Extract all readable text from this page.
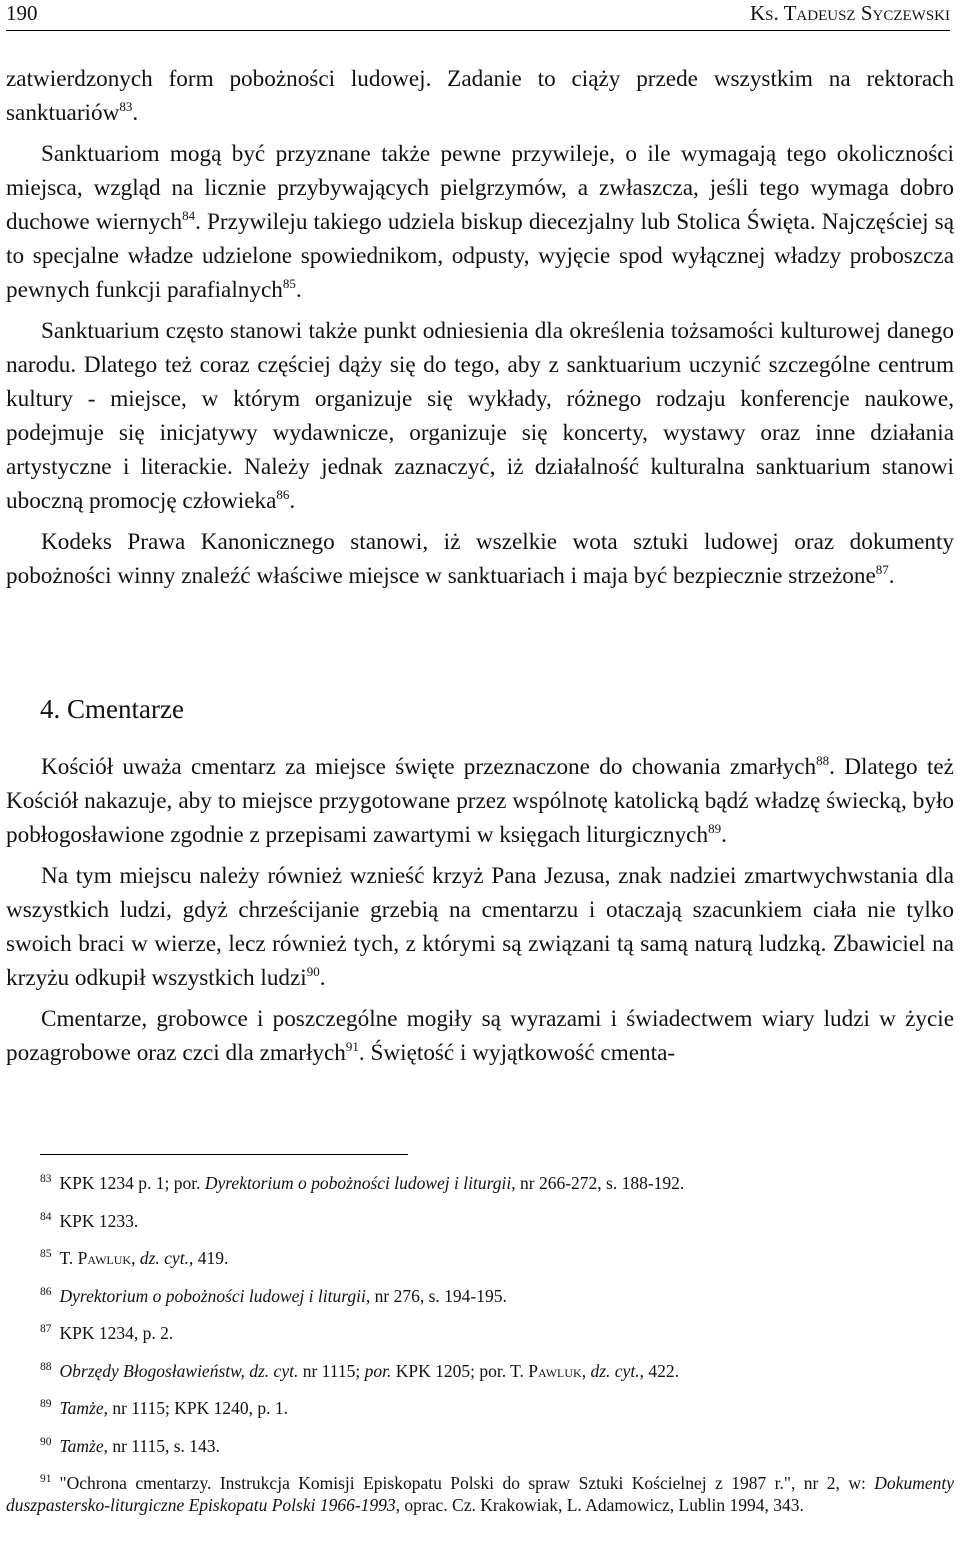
190	Ks. Tadeusz Syczewski

zatwierdzonych form pobożności ludowej. Zadanie to ciąży przede wszystkim na rektorach sanktuariów$^{83}$.

Sanktuariom mogą być przyznane także pewne przywileje, o ile wymagają tego okoliczności miejsca, wzgląd na licznie przybywających pielgrzymów, a zwłaszcza, jeśli tego wymaga dobro duchowe wiernych$^{84}$. Przywileju takiego udziela biskup diecezjalny lub Stolica Święta. Najczęściej są to specjalne władze udzielone spowiednikom, odpusty, wyjęcie spod wyłącznej władzy proboszcza pewnych funkcji parafialnych$^{85}$.

Sanktuarium często stanowi także punkt odniesienia dla określenia tożsamości kulturowej danego narodu. Dlatego też coraz częściej dąży się do tego, aby z sanktuarium uczynić szczególne centrum kultury - miejsce, w którym organizuje się wykłady, różnego rodzaju konferencje naukowe, podejmuje się inicjatywy wydawnicze, organizuje się koncerty, wystawy oraz inne działania artystyczne i literackie. Należy jednak zaznaczyć, iż działalność kulturalna sanktuarium stanowi uboczną promocję człowieka$^{86}$.

Kodeks Prawa Kanonicznego stanowi, iż wszelkie wota sztuki ludowej oraz dokumenty pobożności winny znaleźć właściwe miejsce w sanktuariach i maja być bezpiecznie strzeżone$^{87}$.

4. Cmentarze

Kościół uważa cmentarz za miejsce święte przeznaczone do chowania zmarłych$^{88}$. Dlatego też Kościół nakazuje, aby to miejsce przygotowane przez wspólnotę katolicką bądź władzę świecką, było pobłogosławione zgodnie z przepisami zawartymi w księgach liturgicznych$^{89}$.

Na tym miejscu należy również wznieść krzyż Pana Jezusa, znak nadziei zmartwychwstania dla wszystkich ludzi, gdyż chrześcijanie grzebią na cmentarzu i otaczają szacunkiem ciała nie tylko swoich braci w wierze, lecz również tych, z którymi są związani tą samą naturą ludzką. Zbawiciel na krzyżu odkupił wszystkich ludzi$^{90}$.

Cmentarze, grobowce i poszczególne mogiły są wyrazami i świadectwem wiary ludzi w życie pozagrobowe oraz czci dla zmarłych$^{91}$. Świętość i wyjątkowość cmenta-

$^{83}$ KPK 1234 p. 1; por. Dyrektorium o pobożności ludowej i liturgii, nr 266-272, s. 188-192.
$^{84}$ KPK 1233.
$^{85}$ T. Pawluk, dz. cyt., 419.
$^{86}$ Dyrektorium o pobożności ludowej i liturgii, nr 276, s. 194-195.
$^{87}$ KPK 1234, p. 2.
$^{88}$ Obrzędy Błogosławieństw, dz. cyt. nr 1115; por. KPK 1205; por. T. Pawluk, dz. cyt., 422.
$^{89}$ Tamże, nr 1115; KPK 1240, p. 1.
$^{90}$ Tamże, nr 1115, s. 143.
$^{91}$ "Ochrona cmentarzy. Instrukcja Komisji Episkopatu Polski do spraw Sztuki Kościelnej z 1987 r.", nr 2, w: Dokumenty duszpastersko-liturgiczne Episkopatu Polski 1966-1993, oprac. Cz. Krakowiak, L. Adamowicz, Lublin 1994, 343.
